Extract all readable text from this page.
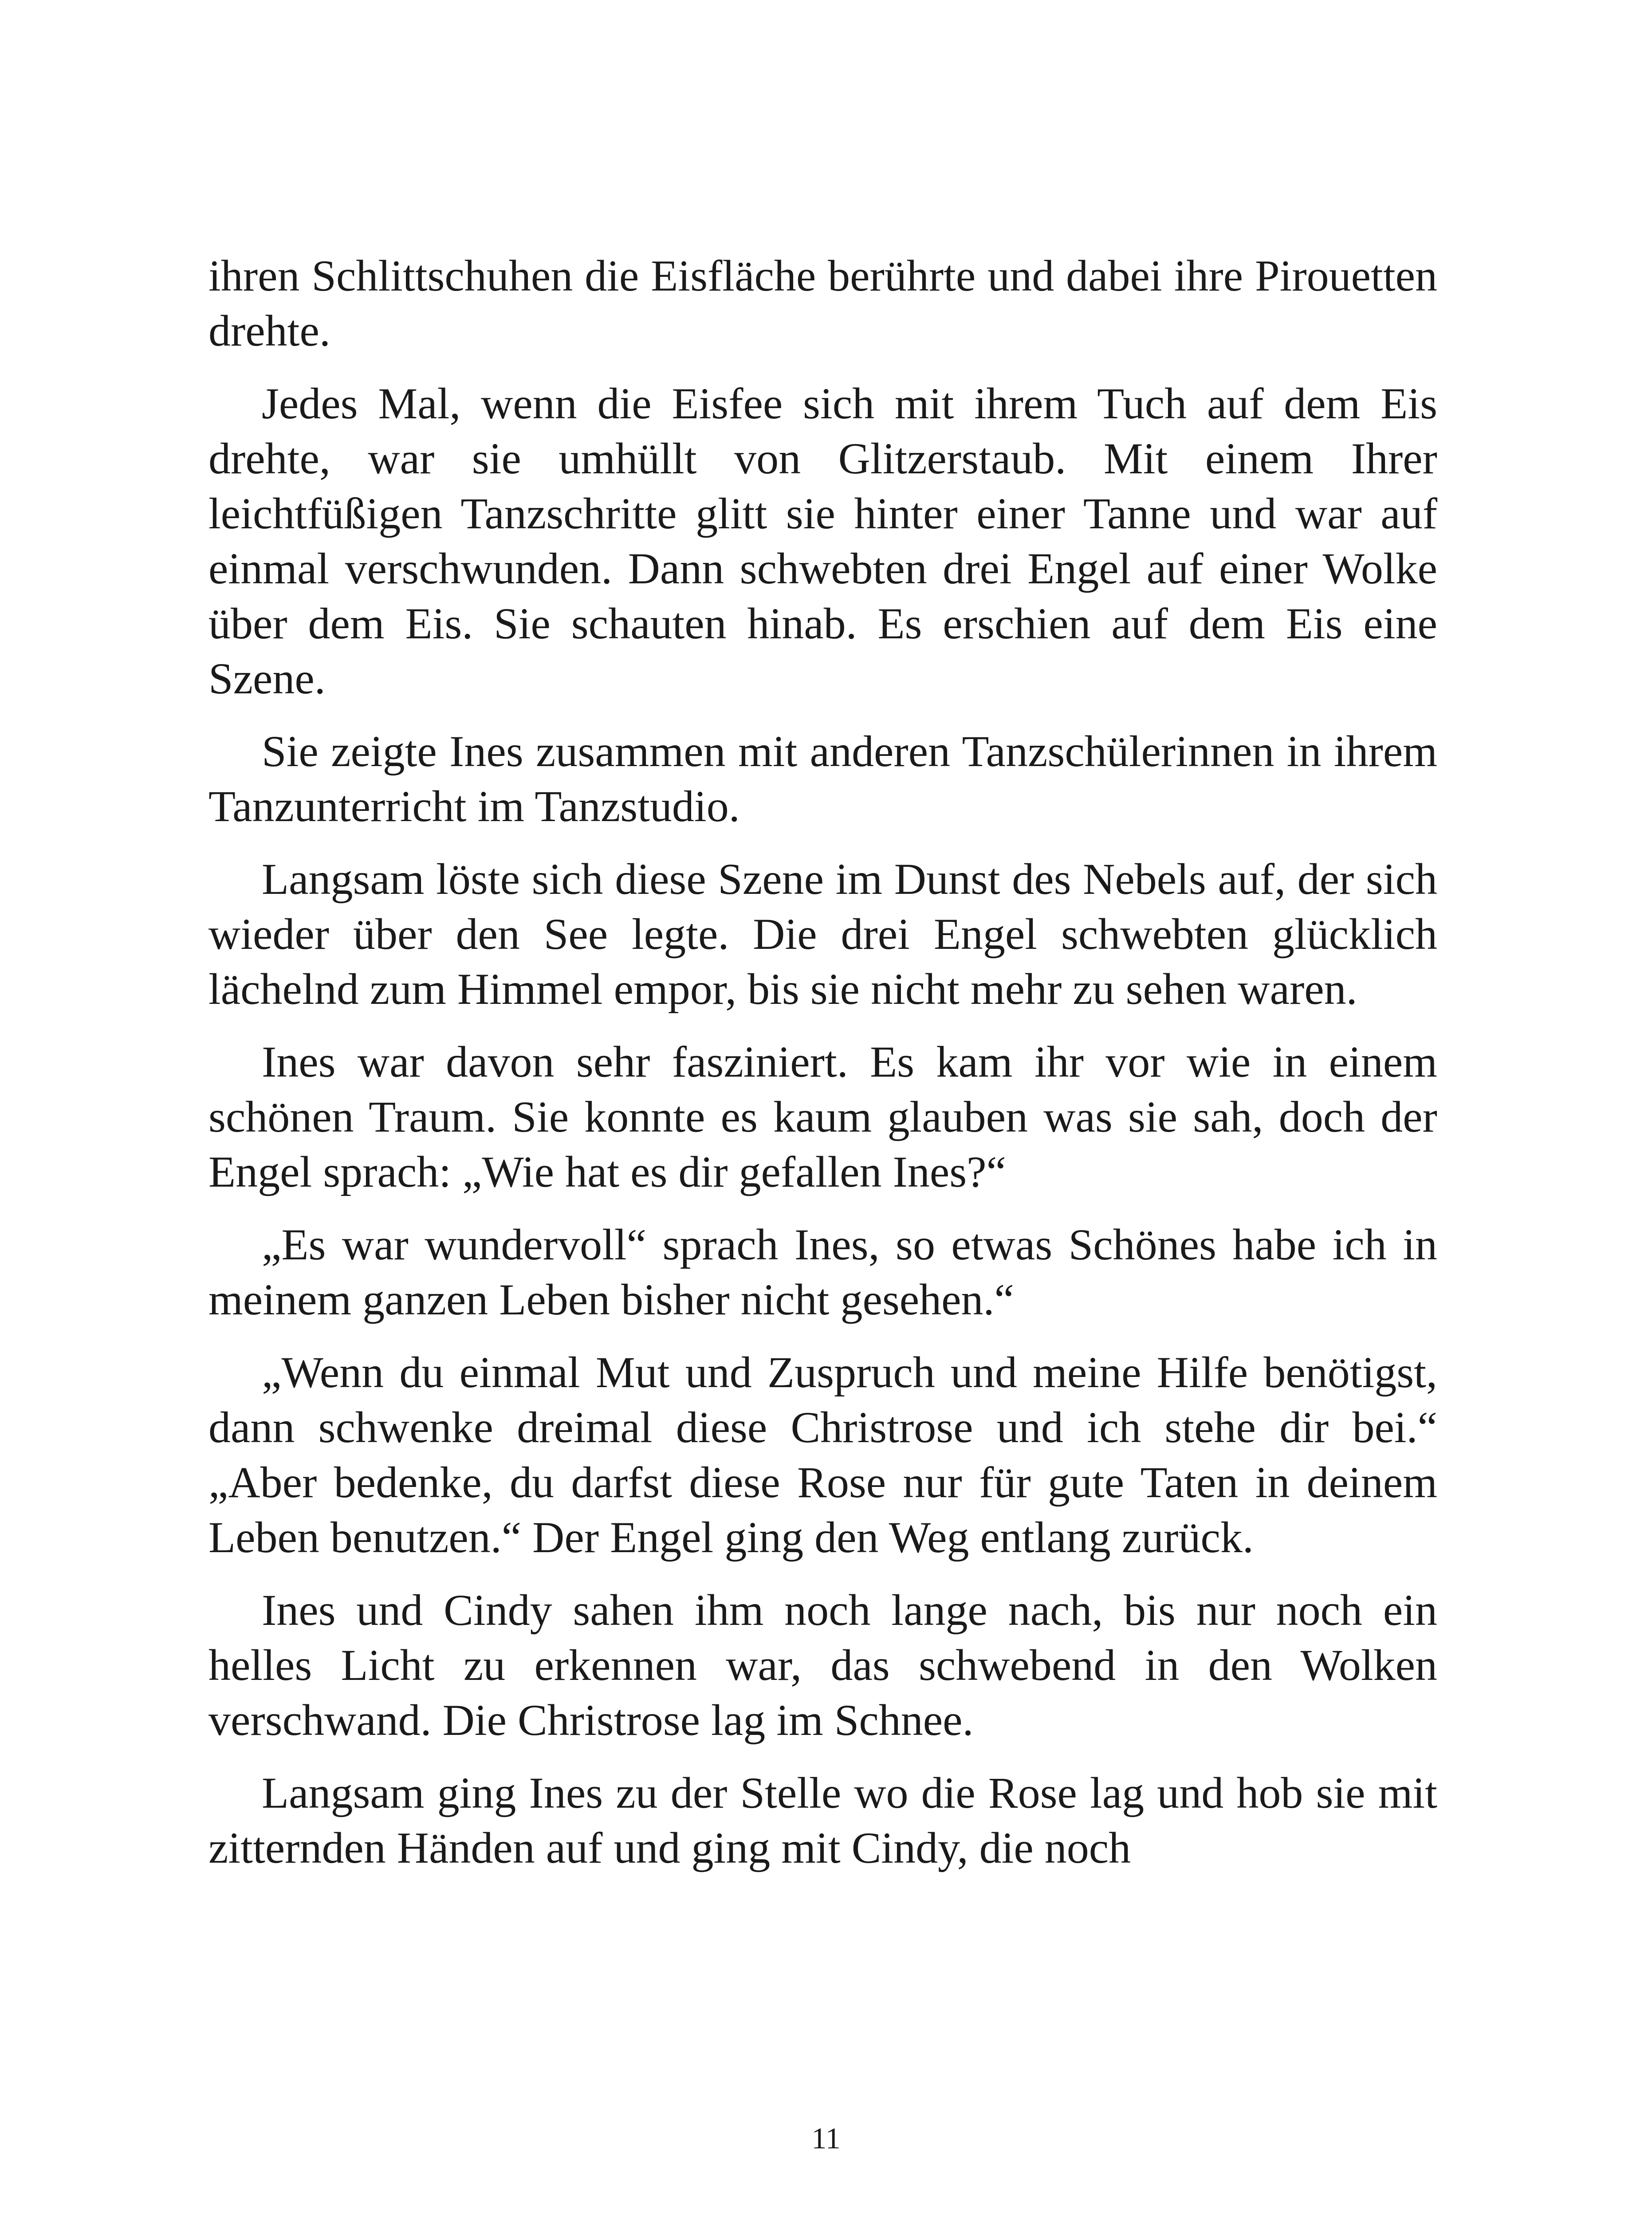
ihren Schlittschuhen die Eisfläche berührte und dabei ihre Pirouetten drehte.

Jedes Mal, wenn die Eisfee sich mit ihrem Tuch auf dem Eis drehte, war sie umhüllt von Glitzerstaub. Mit einem Ihrer leichtfüßigen Tanzschritte glitt sie hinter einer Tanne und war auf einmal verschwunden. Dann schwebten drei Engel auf einer Wolke über dem Eis. Sie schauten hinab. Es erschien auf dem Eis eine Szene.

Sie zeigte Ines zusammen mit anderen Tanzschülerinnen in ihrem Tanzunterricht im Tanzstudio.

Langsam löste sich diese Szene im Dunst des Nebels auf, der sich wieder über den See legte. Die drei Engel schwebten glücklich lächelnd zum Himmel empor, bis sie nicht mehr zu sehen waren.

Ines war davon sehr fasziniert. Es kam ihr vor wie in einem schönen Traum. Sie konnte es kaum glauben was sie sah, doch der Engel sprach: „Wie hat es dir gefallen Ines?“

„Es war wundervoll“ sprach Ines, so etwas Schönes habe ich in meinem ganzen Leben bisher nicht gesehen.“

„Wenn du einmal Mut und Zuspruch und meine Hilfe benötigst, dann schwenke dreimal diese Christrose und ich stehe dir bei.“ „Aber bedenke, du darfst diese Rose nur für gute Taten in deinem Leben benutzen.“ Der Engel ging den Weg entlang zurück.

Ines und Cindy sahen ihm noch lange nach, bis nur noch ein helles Licht zu erkennen war, das schwebend in den Wolken verschwand. Die Christrose lag im Schnee.

Langsam ging Ines zu der Stelle wo die Rose lag und hob sie mit zitternden Händen auf und ging mit Cindy, die noch

11
